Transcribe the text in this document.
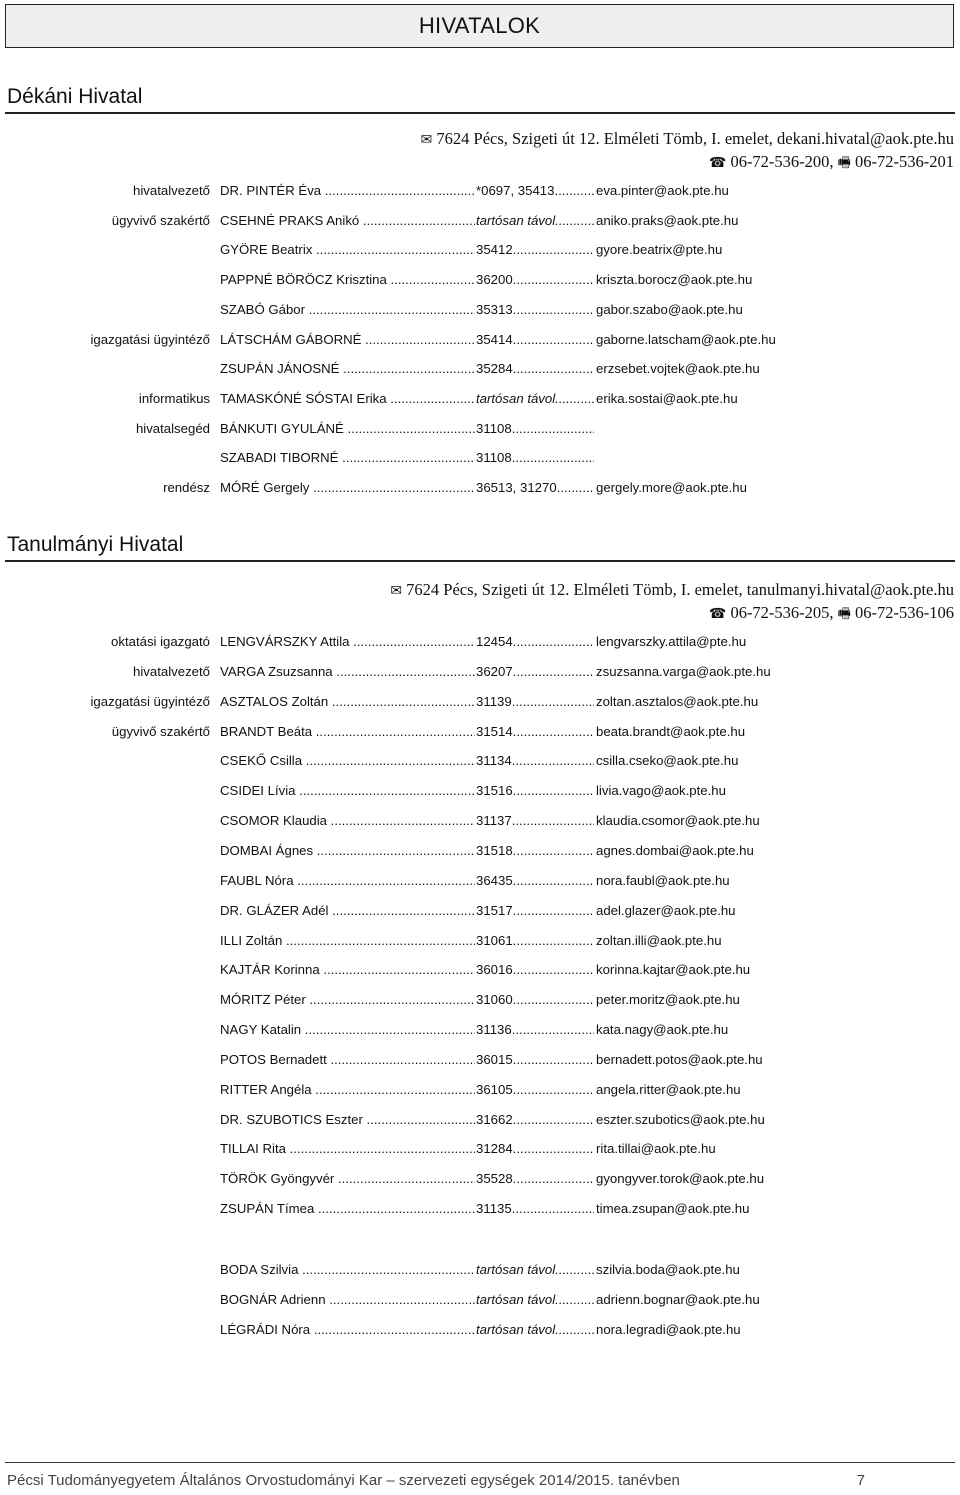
HIVATALOK
Dékáni Hivatal
✉ 7624 Pécs, Szigeti út 12. Elméleti Tömb, I. emelet, dekani.hivatal@aok.pte.hu
☎ 06-72-536-200, 🖷 06-72-536-201
hivatalvezető DR. PINTÉR Éva .....	*0697, 35413 .....	eva.pinter@aok.pte.hu
ügyvivő szakértő CSEHNÉ PRAKS Anikó .....	tartósan távol .....	aniko.praks@aok.pte.hu
GYÖRE Beatrix .....	35412 .....	gyore.beatrix@pte.hu
PAPPNÉ BÖRÖCZ Krisztina .....	36200 .....	kriszta.borocz@aok.pte.hu
SZABÓ Gábor .....	35313 .....	gabor.szabo@aok.pte.hu
igazgatási ügyintéző LÁTSCHÁM GÁBORNÉ .....	35414 .....	gaborne.latscham@aok.pte.hu
ZSUPÁN JÁNOSNÉ .....	35284 .....	erzsebet.vojtek@aok.pte.hu
informatikus TAMASKÓNÉ SÓSTAI Erika .....	tartósan távol .....	erika.sostai@aok.pte.hu
hivatalsegéd BÁNKUTI GYULÁNÉ .....	31108 .....
SZABADI TIBORNÉ .....	31108 .....
rendész MÓRÉ Gergely .....	36513, 31270 .....	gergely.more@aok.pte.hu
Tanulmányi Hivatal
✉ 7624 Pécs, Szigeti út 12. Elméleti Tömb, I. emelet, tanulmanyi.hivatal@aok.pte.hu
☎ 06-72-536-205, 🖷 06-72-536-106
oktatási igazgató LENGVÁRSZKY Attila .....	12454 .....	lengvarszky.attila@pte.hu
hivatalvezető VARGA Zsuzsanna .....	36207 .....	zsuzsanna.varga@aok.pte.hu
igazgatási ügyintéző ASZTALOS Zoltán .....	31139 .....	zoltan.asztalos@aok.pte.hu
ügyvivő szakértő BRANDT Beáta .....	31514 .....	beata.brandt@aok.pte.hu
CSEKŐ Csilla .....	31134 .....	csilla.cseko@aok.pte.hu
CSIDEI Lívia .....	31516 .....	livia.vago@aok.pte.hu
CSOMOR Klaudia .....	31137 .....	klaudia.csomor@aok.pte.hu
DOMBAI Ágnes .....	31518 .....	agnes.dombai@aok.pte.hu
FAUBL Nóra .....	36435 .....	nora.faubl@aok.pte.hu
DR. GLÁZER Adél .....	31517 .....	adel.glazer@aok.pte.hu
ILLI Zoltán .....	31061 .....	zoltan.illi@aok.pte.hu
KAJTÁR Korinna .....	36016 .....	korinna.kajtar@aok.pte.hu
MÓRITZ Péter .....	31060 .....	peter.moritz@aok.pte.hu
NAGY Katalin .....	31136 .....	kata.nagy@aok.pte.hu
POTOS Bernadett .....	36015 .....	bernadett.potos@aok.pte.hu
RITTER Angéla .....	36105 .....	angela.ritter@aok.pte.hu
DR. SZUBOTICS Eszter .....	31662 .....	eszter.szubotics@aok.pte.hu
TILLAI Rita .....	31284 .....	rita.tillai@aok.pte.hu
TÖRÖK Gyöngyvér .....	35528 .....	gyongyver.torok@aok.pte.hu
ZSUPÁN Tímea .....	31135 .....	timea.zsupan@aok.pte.hu
BODA Szilvia .....	tartósan távol .....	szilvia.boda@aok.pte.hu
BOGNÁR Adrienn .....	tartósan távol .....	adrienn.bognar@aok.pte.hu
LÉGRÁDI Nóra .....	tartósan távol .....	nora.legradi@aok.pte.hu
Pécsi Tudományegyetem Általános Orvostudományi Kar – szervezeti egységek 2014/2015. tanévben	7
